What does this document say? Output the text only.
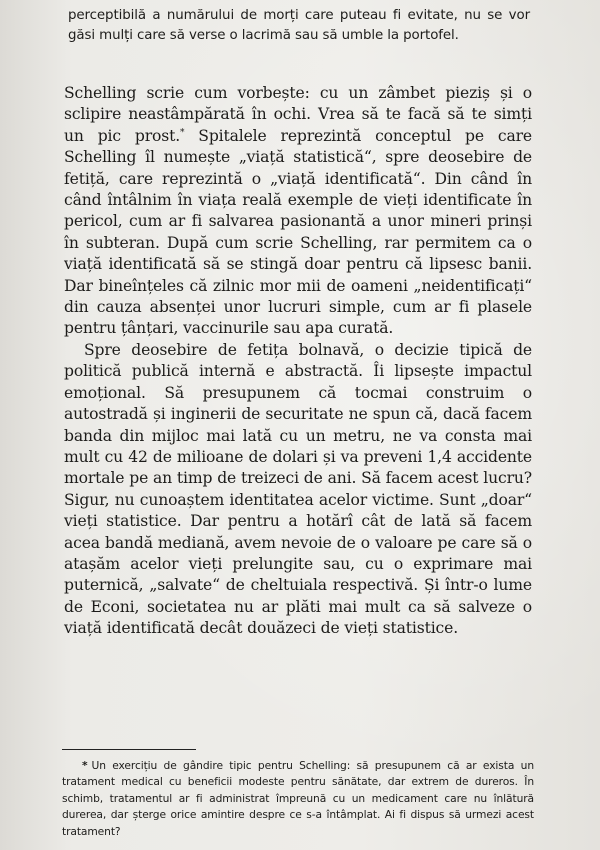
perceptibilă a numărului de morți care puteau fi evitate, nu se vor găsi mulți care să verse o lacrimă sau să umble la portofel.

Schelling scrie cum vorbește: cu un zâmbet pieziș și o sclipire neastâmpărată în ochi. Vrea să te facă să te simți un pic prost.* Spitalele reprezintă conceptul pe care Schelling îl numește „viață statistică“, spre deosebire de fetiță, care reprezintă o „viață identificată“. Din când în când întâlnim în viața reală exemple de vieți identificate în pericol, cum ar fi salvarea pasionantă a unor mineri prinși în subteran. După cum scrie Schelling, rar permitem ca o viață identificată să se stingă doar pentru că lipsesc banii. Dar bineînțeles că zilnic mor mii de oameni „neidentificați“ din cauza absenței unor lucruri simple, cum ar fi plasele pentru țânțari, vaccinurile sau apa curată.

Spre deosebire de fetița bolnavă, o decizie tipică de politică publică internă e abstractă. Îi lipsește impactul emoțional. Să presupunem că tocmai construim o autostradă și inginerii de securitate ne spun că, dacă facem banda din mijloc mai lată cu un metru, ne va consta mai mult cu 42 de milioane de dolari și va preveni 1,4 accidente mortale pe an timp de treizeci de ani. Să facem acest lucru? Sigur, nu cunoaștem identitatea acelor victime. Sunt „doar“ vieți statistice. Dar pentru a hotărî cât de lată să facem acea bandă mediană, avem nevoie de o valoare pe care să o atașăm acelor vieți prelungite sau, cu o exprimare mai puternică, „salvate“ de cheltuiala respectivă. Și într-o lume de Econi, societatea nu ar plăti mai mult ca să salveze o viață identificată decât douăzeci de vieți statistice.

* Un exercițiu de gândire tipic pentru Schelling: să presupunem că ar exista un tratament medical cu beneficii modeste pentru sănătate, dar extrem de dureros. În schimb, tratamentul ar fi administrat împreună cu un medicament care nu înlătură durerea, dar șterge orice amintire despre ce s-a întâmplat. Ai fi dispus să urmezi acest tratament?
